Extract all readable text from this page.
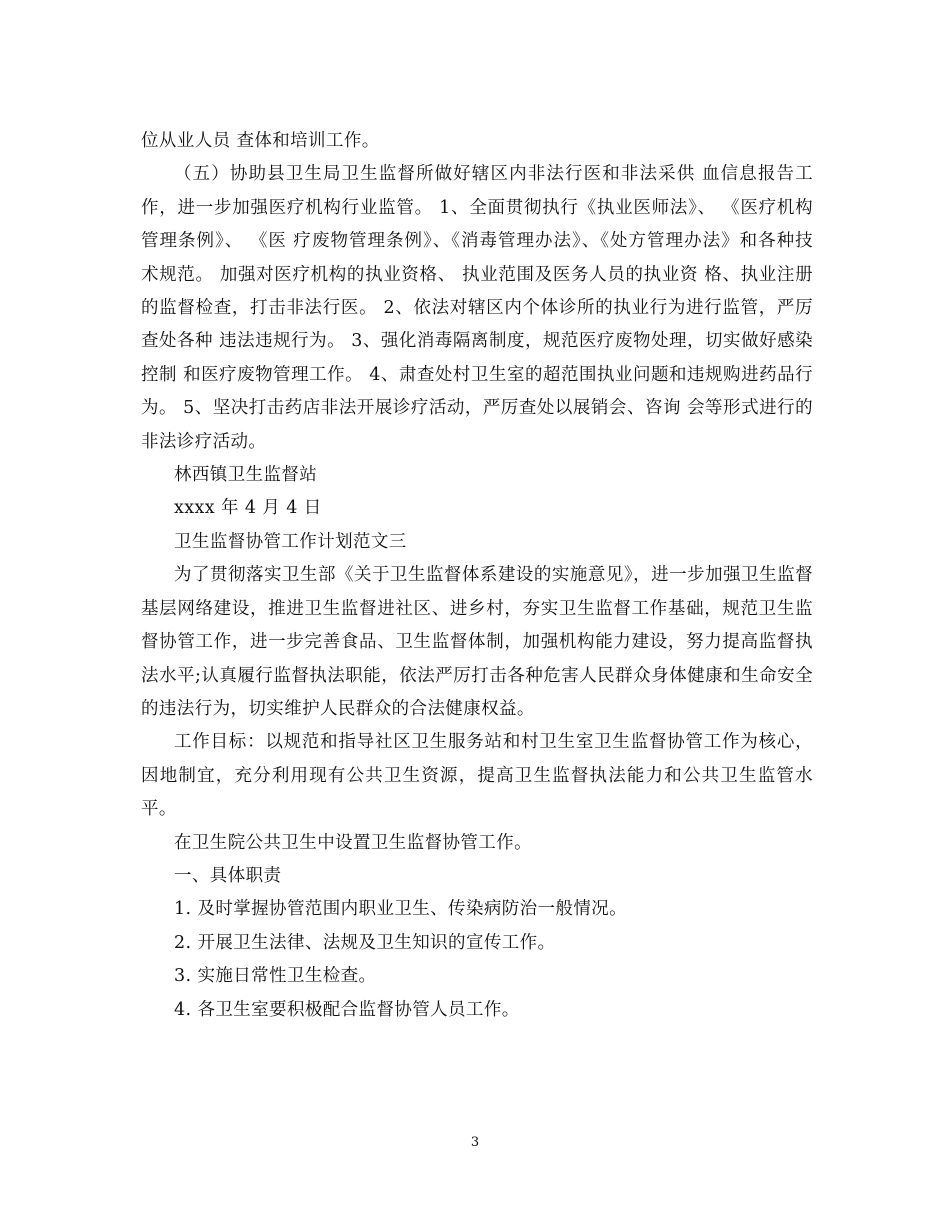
位从业人员 查体和培训工作。

（五）协助县卫生局卫生监督所做好辖区内非法行医和非法采供 血信息报告工作，进一步加强医疗机构行业监管。 1、全面贯彻执行《执业医师法》、 《医疗机构管理条例》、 《医 疗废物管理条例》、《消毒管理办法》、《处方管理办法》和各种技 术规范。 加强对医疗机构的执业资格、 执业范围及医务人员的执业资 格、执业注册的监督检查，打击非法行医。 2、依法对辖区内个体诊所的执业行为进行监管，严厉查处各种 违法违规行为。 3、强化消毒隔离制度，规范医疗废物处理，切实做好感染控制 和医疗废物管理工作。 4、肃查处村卫生室的超范围执业问题和违规购进药品行为。 5、坚决打击药店非法开展诊疗活动，严厉查处以展销会、咨询 会等形式进行的非法诊疗活动。

林西镇卫生监督站

xxxx 年 4 月 4 日

卫生监督协管工作计划范文三

为了贯彻落实卫生部《关于卫生监督体系建设的实施意见》，进一步加强卫生监督基层网络建设，推进卫生监督进社区、进乡村，夯实卫生监督工作基础，规范卫生监督协管工作，进一步完善食品、卫生监督体制，加强机构能力建设，努力提高监督执法水平;认真履行监督执法职能，依法严厉打击各种危害人民群众身体健康和生命安全的违法行为，切实维护人民群众的合法健康权益。

工作目标：以规范和指导社区卫生服务站和村卫生室卫生监督协管工作为核心，因地制宜，充分利用现有公共卫生资源，提高卫生监督执法能力和公共卫生监管水平。

在卫生院公共卫生中设置卫生监督协管工作。

一、具体职责

1. 及时掌握协管范围内职业卫生、传染病防治一般情况。

2. 开展卫生法律、法规及卫生知识的宣传工作。

3. 实施日常性卫生检查。

4. 各卫生室要积极配合监督协管人员工作。

3
